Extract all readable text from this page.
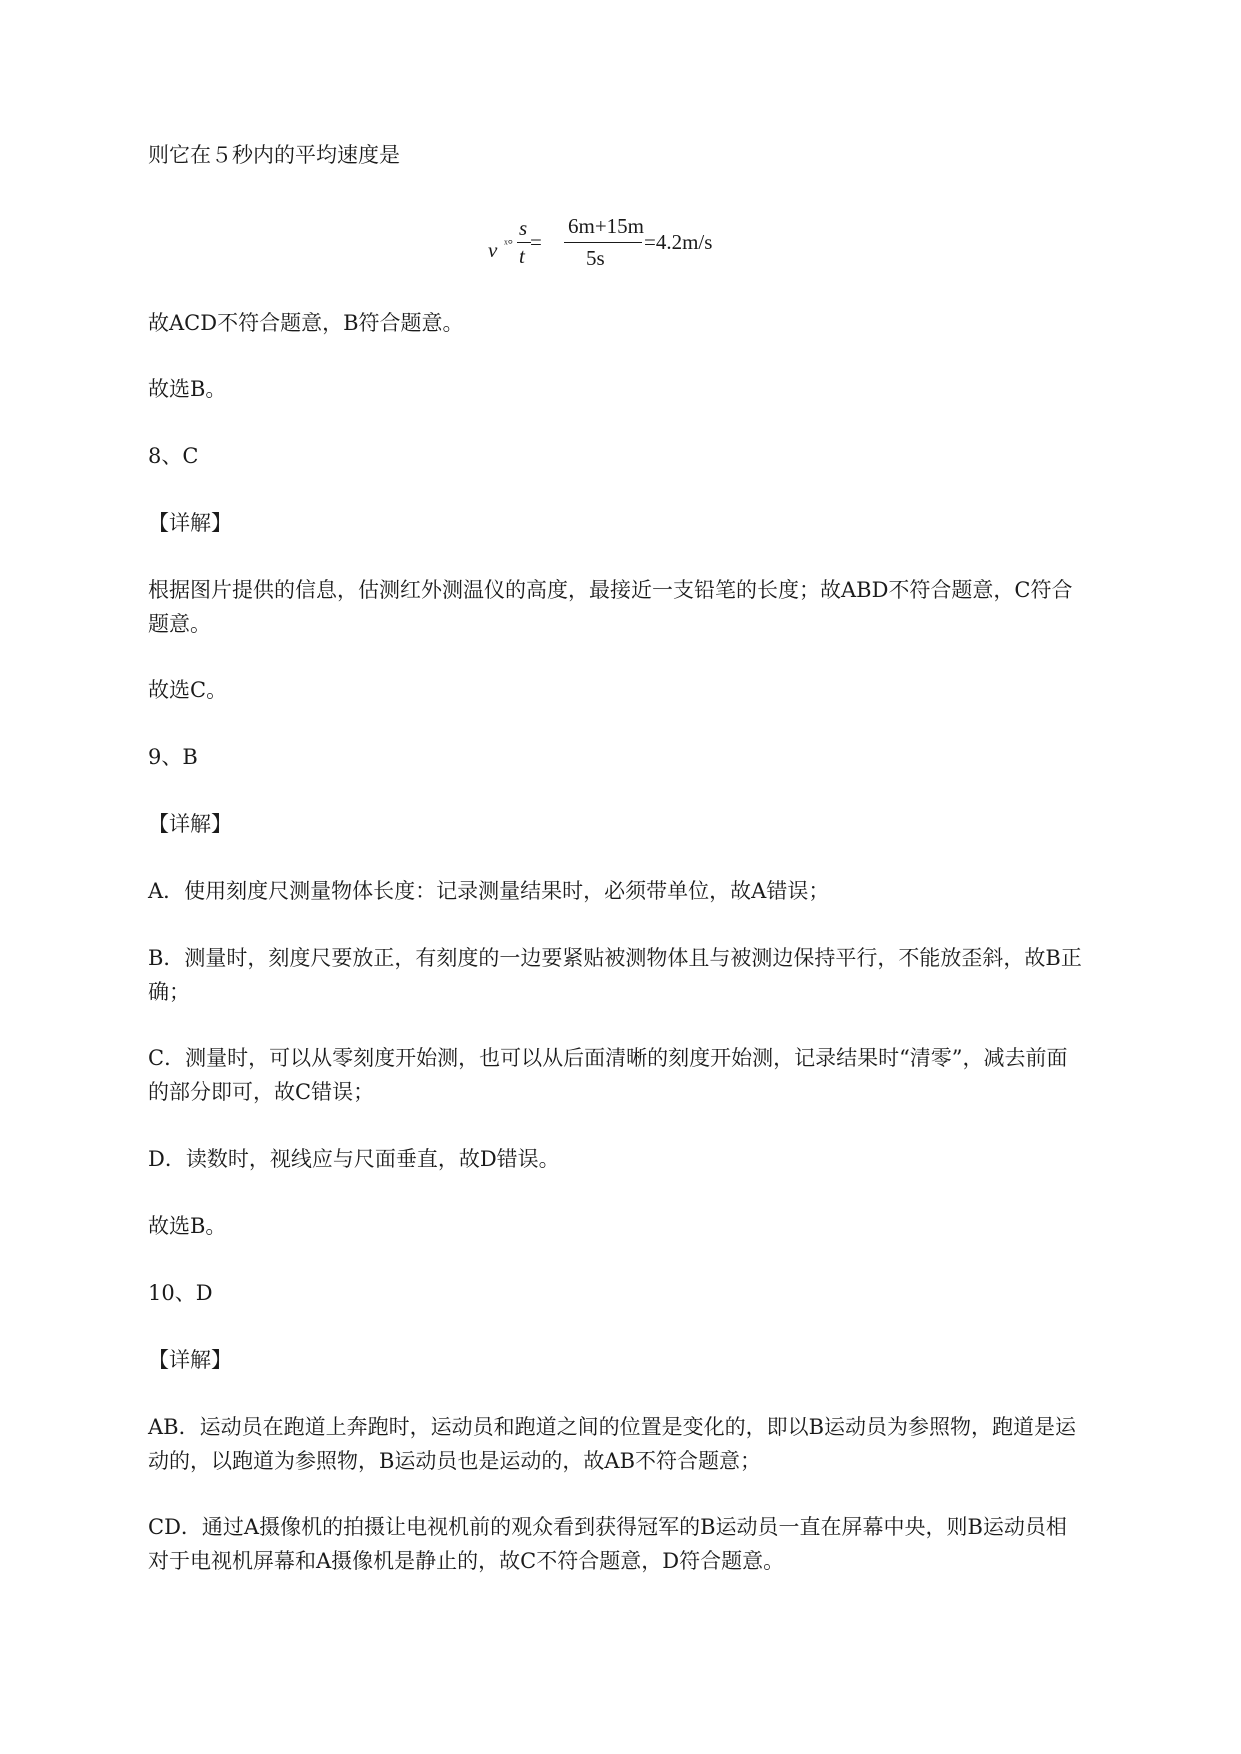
则它在５秒内的平均速度是
v ˣ°
s
t
=
6m+15m
5s
=4.2m/s
故ACD不符合题意，B符合题意。
故选B。
8、C
【详解】
根据图片提供的信息，估测红外测温仪的高度，最接近一支铅笔的长度；故ABD不符合题意，C符合
题意。
故选C。
9、B
【详解】
A．使用刻度尺测量物体长度：记录测量结果时，必须带单位，故A错误；
B．测量时，刻度尺要放正，有刻度的一边要紧贴被测物体且与被测边保持平行，不能放歪斜，故B正
确；
C．测量时，可以从零刻度开始测，也可以从后面清晰的刻度开始测，记录结果时“清零”，减去前面
的部分即可，故C错误；
D．读数时，视线应与尺面垂直，故D错误。
故选B。
10、D
【详解】
AB．运动员在跑道上奔跑时，运动员和跑道之间的位置是变化的，即以B运动员为参照物，跑道是运
动的，以跑道为参照物，B运动员也是运动的，故AB不符合题意；
CD．通过A摄像机的拍摄让电视机前的观众看到获得冠军的B运动员一直在屏幕中央，则B运动员相
对于电视机屏幕和A摄像机是静止的，故C不符合题意，D符合题意。
